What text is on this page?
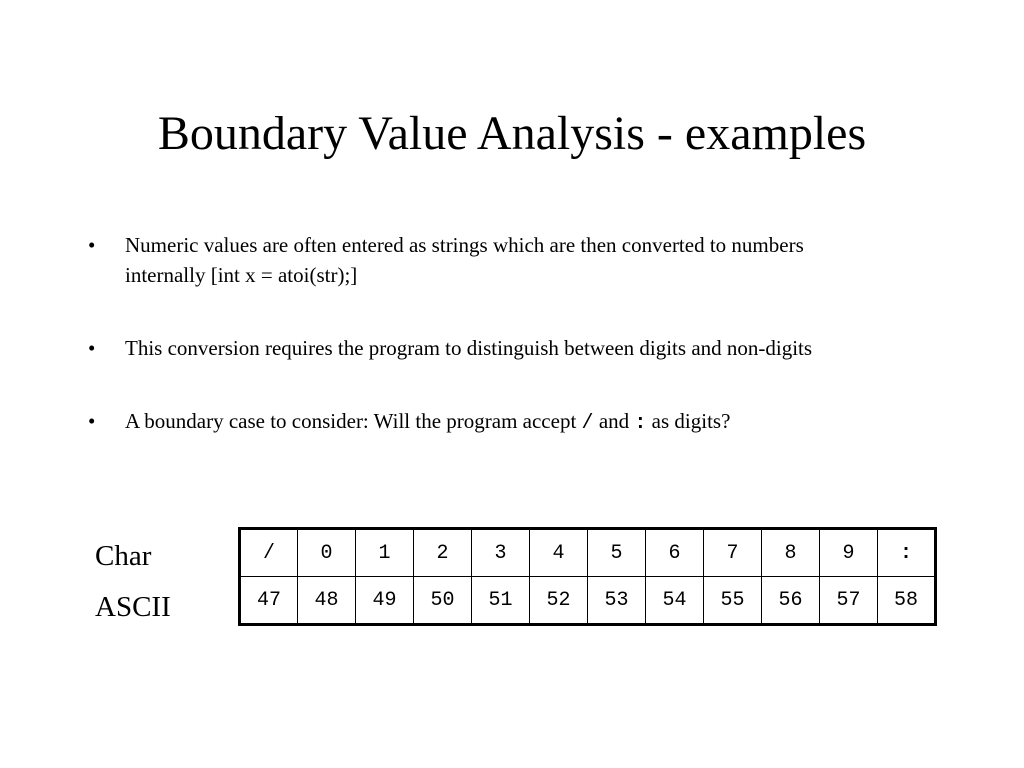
Boundary Value Analysis - examples
•	Numeric values are often entered as strings which are then converted to numbers internally [int x = atoi(str);]
•	This conversion requires the program to distinguish between digits and non-digits
•	A boundary case to consider: Will the program accept / and : as digits?
Char
ASCII
/	0	1	2	3	4	5	6	7	8	9	:
47	48	49	50	51	52	53	54	55	56	57	58
